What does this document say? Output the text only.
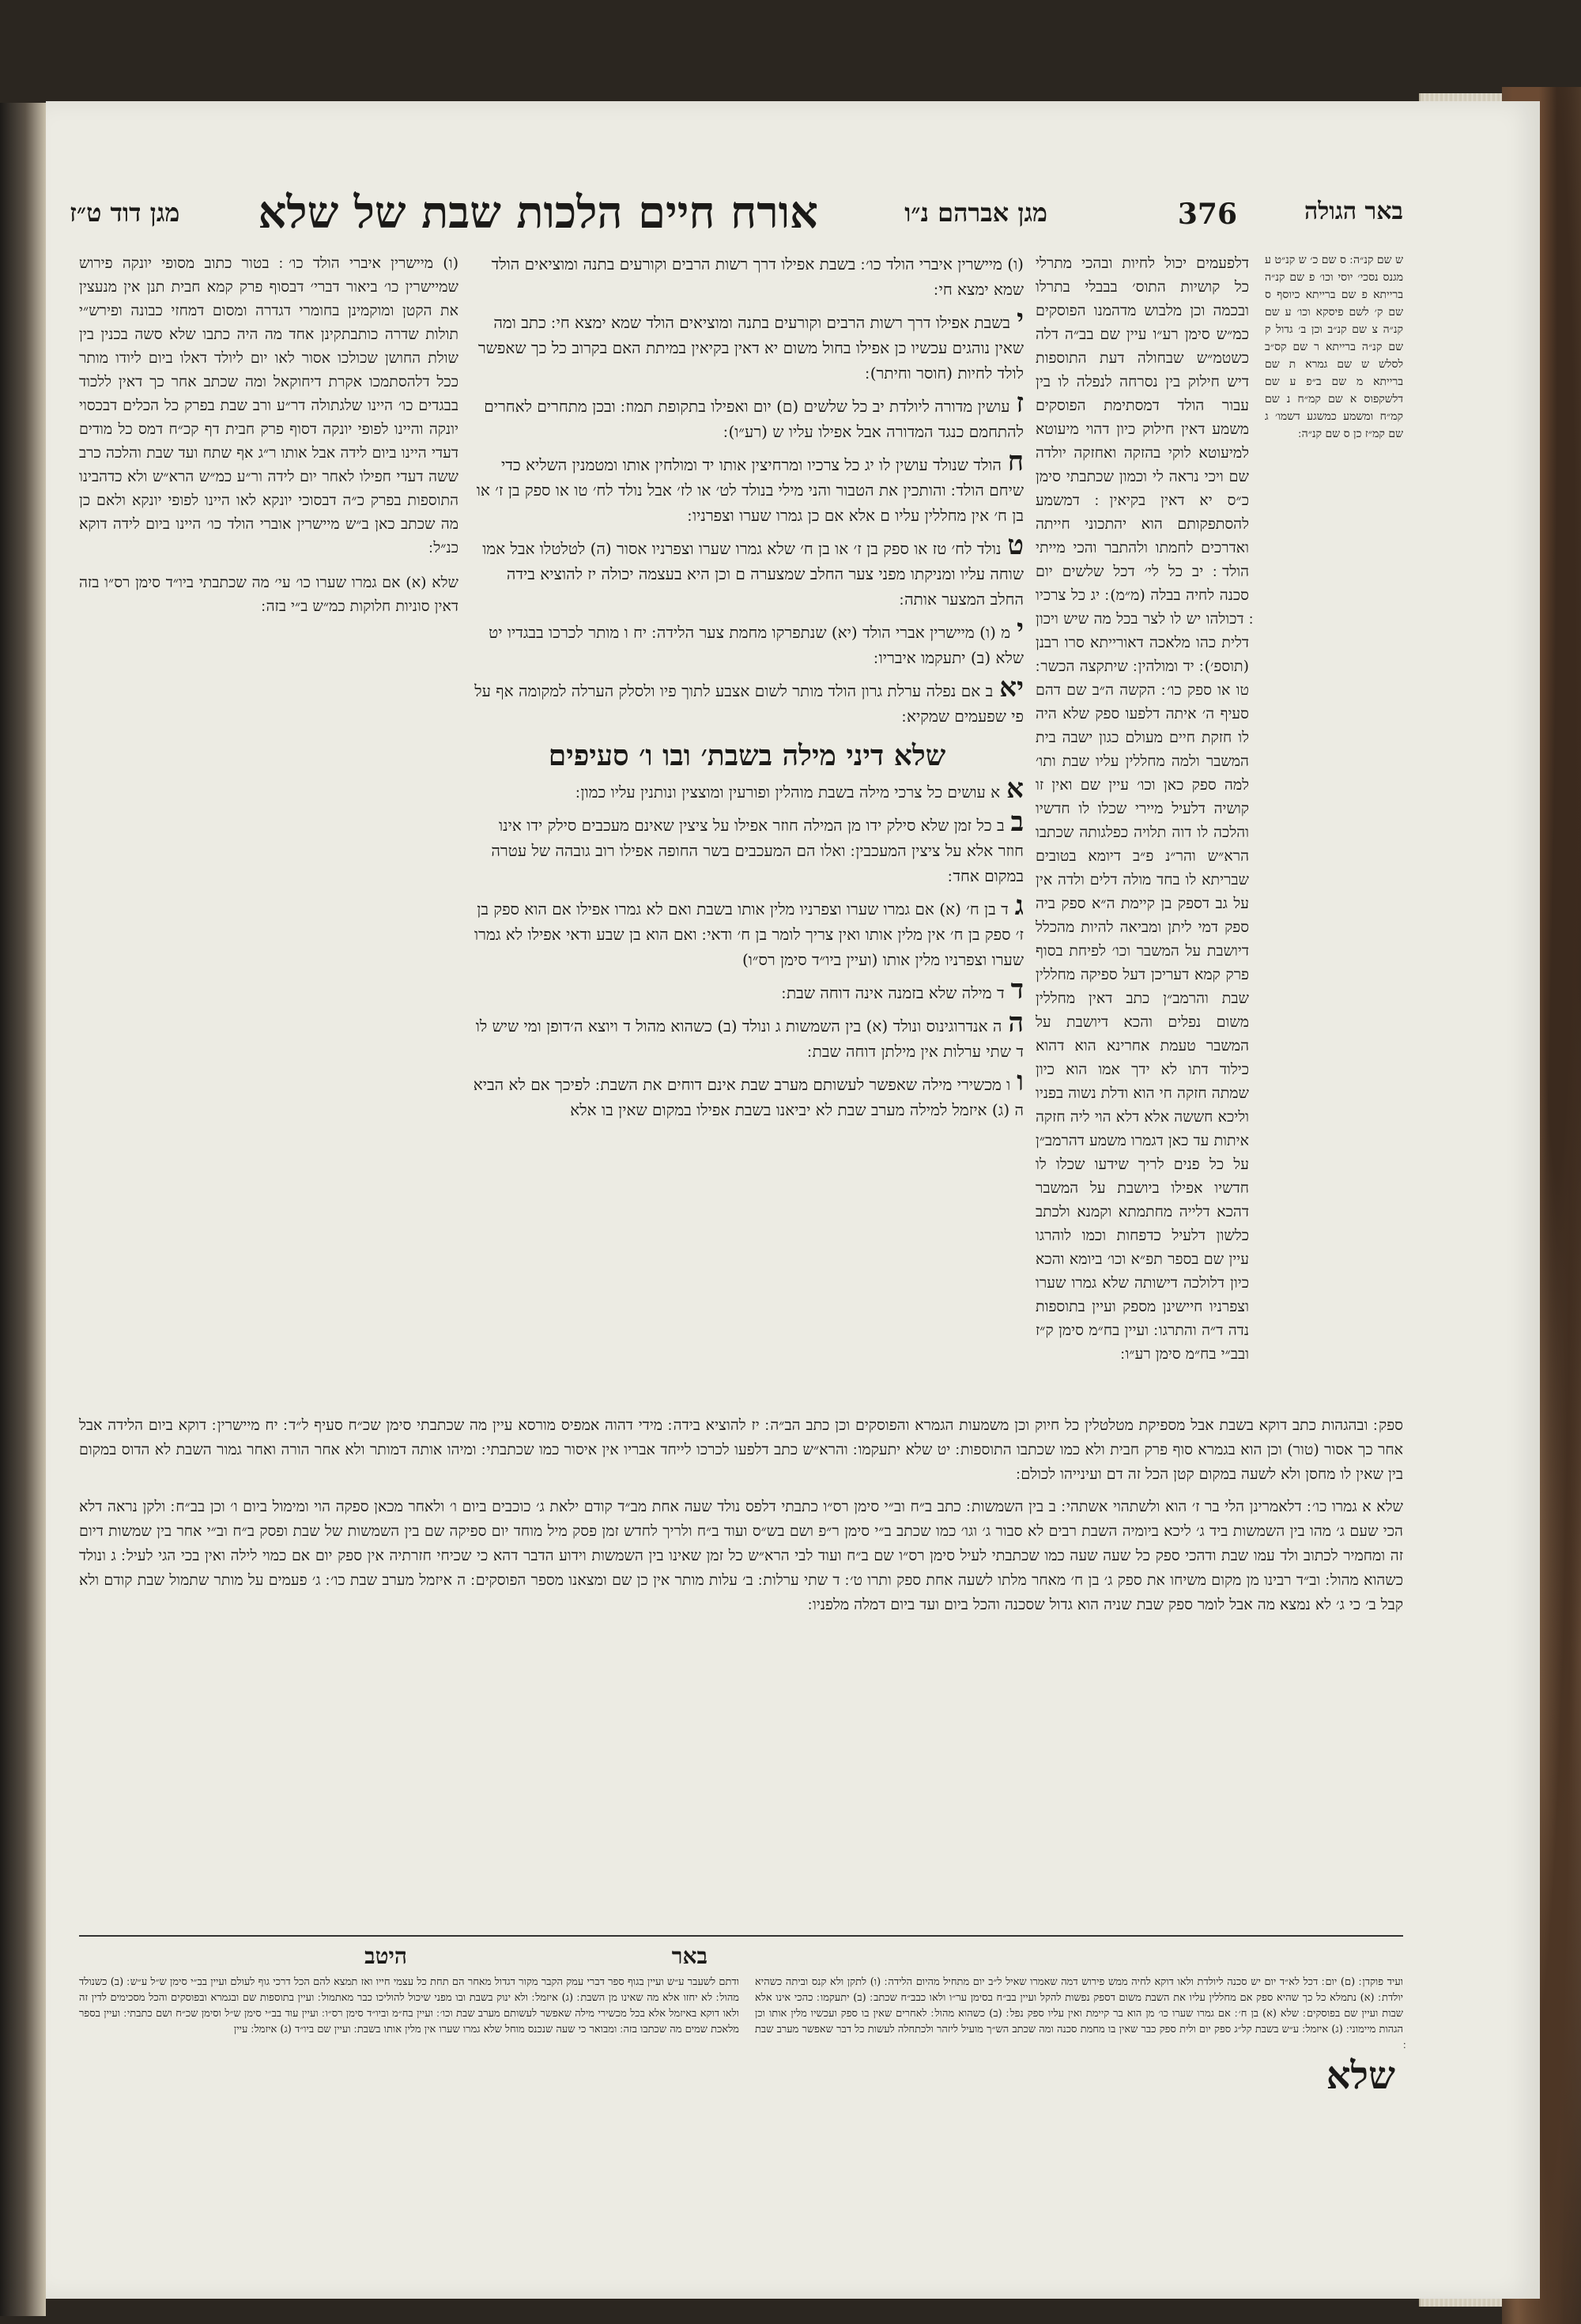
באר הגולה
376
מגן אברהם נ״ו
אורח חיים הלכות שבת של שלא
מגן דוד ט״ז
ש שם קנ״ה ׃ ס שם כ׳ ש קנ״ט ע מגנס נסכי׳ יוסי וכו׳ פ שם קנ״ה ברייתא פ שם ברייתא כיוסף ס שם ק׳ לשם פיסקא וכו׳ ע שם קנ״ה צ שם קנ״ב וכן ב׳ גדול ק שם קנ״ה ברייתא ר שם קס״ב לסלש ש שם גמרא ת שם ברייתא מ שם ב״פ ע שם דלשקפוס א שם קמ״ח נ שם קמ״ח ומשמע כמשגע דשמו׳ ג שם קמ״ז כן ס שם קנ״ה ׃
דלפעמים יכול לחיות ובהכי מתרלי כל קושיות התוס׳ בבבלי בתרלו ובכמה וכן מלבוש מדהמנו הפוסקים כמ״ש סימן רע״ו עיין שם בב״ה דלה כשטמ״ש שבחולה דעת התוספות דיש חילוק בין נסרחה לנפלה לו בין עבור הולד דמסתימת הפוסקים משמע דאין חילוק כיון דהוי מיעוטא למיעוטא לוקי בהזקה ואחזקה יולדה שם ויכי נראה לי וכמון שכתבתי סימן כ״ס יא דאין בקיאין ׃ דמשמע להסתפקותם הוא יהתכוני חייתה ואדרכים לחמתו ולהתבר והכי מייתי הולד ׃ יב כל לי׳ דכל שלשים יום סכנה לחיה בבלה (מ״מ) ׃ יג כל צרכיו ׃ דכולהו יש לו לצר בכל מה שיש ויכון דלית כהו מלאכה דאורייתא סרו רבנן (תוספ׳) ׃ יד ומולהין ׃ שיתקצה הכשר ׃ טו או ספק כו׳ ׃ הקשה ה״ב שם דהם סעיף ה׳ איתה דלפעו ספק שלא היה לו חזקת חיים מעולם כגון ישבה בית המשבר ולמה מחללין עליו שבת ותו׳ למה ספק כאן וכו׳ עיין שם ואין זו קושיה דלעיל מיירי שכלו לו חדשיו והלכה לו דוה תלויה כפלגותה שכתבו הרא״ש והר״נ פ״ב דיומא בטובים שבריתא לו בחד מולה דלים ולדה אין על גב דספק בן קיימת ה״א ספק ביה ספק דמי ליתן ומביאה להיות מהכלל דיושבת על המשבר וכו׳ לפיחת בסוף פרק קמא דעריכן דעל ספיקה מחללין שבת והרמב״ן כתב דאין מחללין משום נפלים והכא דיושבת על המשבר טעמת אחרינא הוא דהוא כילוד דתו לא ידך אמו הוא כיון שמתה חזקה חי הוא ודלת נשוה בפניו וליכא חששה אלא דלא הוי ליה חזקה איתות עד כאן דגמרו משמע דהרמב״ן על כל פנים לריך שידעו שכלו לו חדשיו אפילו ביושבת על המשבר דהכא דלייה מחתמתא וקמנא ולכתב כלשון דלעיל כדפחות וכמו לוהרגו עיין שם בספר תפ״א וכו׳ ביומא והכא כיון דלולכה דישותה שלא גמרו שערו וצפרניו חיישינן מספק ועיין בתוספות נדה ד״ה והתרגו ׃ ועיין בח״מ סימן ק״ז ובב״י בח״מ סימן רע״ו ׃
(ו) מיישרין איברי הולד כו׳ ׃ בשבת אפילו דרך רשות הרבים וקורעים בתנה ומוציאים הולד שמא ימצא חי ׃
יבשבת אפילו דרך רשות הרבים וקורעים בתנה ומוציאים הולד שמא ימצא חי ׃ כתב ומה שאין נוהגים עכשיו כן אפילו בחול משום יא דאין בקיאין במיתת האם בקרוב כל כך שאפשר לולד לחיות (חוסר וחיתר) ׃
זעושין מדורה ליולדת יב כל שלשים (ם) יום ואפילו בתקופת תמוז ׃ ובכן מתחרים לאחרים להתחמם כנגד המדורה אבל אפילו עליו ש (רע״ו) ׃
חהולד שנולד עושין לו יג כל צרכיו ומרחיצין אותו יד ומולחין אותו ומטמנין השליא כדי שיחם הולד ׃ והותכין את הטבור והני מילי בנולד לט׳ או לז׳ אבל נולד לח׳ טו או ספק בן ז׳ או בן ח׳ אין מחללין עליו ם אלא אם כן גמרו שערו וצפרניו ׃
טנולד לח׳ טז או ספק בן ז׳ או בן ח׳ שלא גמרו שערו וצפרניו אסור (ה) לטלטלו אבל אמו שוחה עליו ומניקתו מפני צער החלב שמצערה ם וכן היא בעצמה יכולה יז להוציא בידה החלב המצער אותה ׃
ימ (ו) מיישרין אברי הולד (יא) שנתפרקו מחמת צער הלידה ׃ יח ו מותר לכרכו בבגדיו יט שלא (ב) יתעקמו איבריו ׃
יאב אם נפלה ערלת גרון הולד מותר לשום אצבע לתוך פיו ולסלק הערלה למקומה אף על פי שפעמים שמקיא ׃
שלא דיני מילה בשבת׳ ובו ו׳ סעיפים
אא עושים כל צרכי מילה בשבת מוהלין ופורעין ומוצצין ונותנין עליו כמון ׃
בב כל זמן שלא סילק ידו מן המילה חוזר אפילו על ציצין שאינם מעכבים סילק ידו אינו חוזר אלא על ציצין המעכבין ׃ ואלו הם המעכבים בשר החופה אפילו רוב גובהה של עטרה במקום אחד ׃
גד בן ח׳ (א) אם גמרו שערו וצפרניו מלין אותו בשבת ואם לא גמרו אפילו אם הוא ספק בן ז׳ ספק בן ח׳ אין מלין אותו ואין צריך לומר בן ח׳ ודאי ׃ ואם הוא בן שבע ודאי אפילו לא גמרו שערו וצפרניו מלין אותו (ועיין ביו״ד סימן רס״ו)
דד מילה שלא בזמנה אינה דוחה שבת ׃
הה אנדרוגינוס ונולד (א) בין השמשות ג ונולד (ב) כשהוא מהול ד ויוצא ה׳דופן ומי שיש לו ד שתי ערלות אין מילתן דוחה שבת ׃
וו מכשירי מילה שאפשר לעשותם מערב שבת אינם דוחים את השבת ׃ לפיכך אם לא הביא ה (ג) איזמל למילה מערב שבת לא יביאנו בשבת אפילו במקום שאין בו אלא
(ו) מיישרין איברי הולד כו׳ ׃ בטור כתוב מסופי יונקה פירוש שמיישרין כו׳ ביאור דברי׳ דבסוף פרק קמא חבית תנן אין מנעצין את הקטן ומוקמינן בחומרי דגדרה ומסום דמחזי כבונה ופירש״י תולות שדרה כותבתקינן אחד מה היה כתבו שלא סשה בכנין בין שולת החושן שכולכו אסור לאו יום ליולד דאלו ביום ליודו מותר ככל דלהסתמכו אקרת דיחוקאל ומה שכתב אחר כך דאין ללכוד בבגדים כו׳ היינו שלגתולה דר״ע ורב שבת בפרק כל הכלים דבכסוי יונקה והיינו לפופי יונקה דסוף פרק חבית דף קכ״ח דמס כל מודים דעדי היינו ביום לידה אבל אותו ר״ג אף שתח ועד שבת והלכה כרב ששה דעדי חפילו לאחר יום לידה ור״ע כמ״ש הרא״ש ולא כדהבינו התוספות בפרק כ״ה דבסוכי יונקא לאו היינו לפופי יונקא ולאם כן מה שכתב כאן ב״ש מיישרין אוברי הולד כו׳ היינו ביום לידה דוקא כנ״ל ׃
שלא (א) אם גמרו שערו כו׳ עי׳ מה שכתבתי ביו״ד סימן רס״ו בזה דאין סוניות חלוקות כמ״ש ב״י בזה ׃
ספק ׃ ובהגהות כתב דוקא בשבת אבל מספיקת מטלטלין כל חיוק וכן משמעות הגמרא והפוסקים וכן כתב הב״ה ׃ יז להוציא בידה ׃ מידי דהוה אמפיס מורסא עיין מה שכתבתי סימן שכ״ח סעיף ל״ד ׃ יח מיישרין ׃ דוקא ביום הלידה אבל אחר כך אסור (טור) וכן הוא בגמרא סוף פרק חבית ולא כמו שכתבו התוספות ׃ יט שלא יתעקמו ׃ והרא״ש כתב דלפעו לכרכו לייחד אבריו אין איסור כמו שכתבתי ׃ ומיהו אותה דמותר ולא אחר הורה ואחר גמור השבת לא הדוס במקום בין שאין לו מחסן ולא לשעה במקום קטן הכל זה דם ועינייהו לכולם ׃
שלא א גמרו כו׳ ׃ דלאמרינן הלי בר ז׳ הוא ולשתהוי אשתהי ׃ ב בין השמשות ׃ כתב ב״ח וב״י סימן רס״ו כתבתי דלפס נולד שעה אחת מב״ד קודם ילאת ג׳ כוכבים ביום ו׳ ולאחר מכאן ספקה הוי ומימול ביום ו׳ וכן בב״ח ׃ ולקן נראה דלא הכי שעם ג׳ מהו בין השמשות ביד ג׳ ליכא ביומיה השבת רבים לא סבור ג׳ וגו׳ כמו שכתב ב״י סימן ר״פ ושם בש״ס ועוד ב״ח ולריך לחדש זמן פסק מיל מוחד יום ספיקה שם בין השמשות של שבת ופסק ב״ח וב״י אחר בין שמשות דיום זה ומחמיר לכתוב ולד עמו שבת ודהכי ספק כל שעה שעה כמו שכתבתי לעיל סימן רס״ו שם ב״ח ועוד לבי הרא״ש כל זמן שאינו בין השמשות וידוע הדבר דהא כי שכיחי חזרתיה אין ספק יום אם כמוי לילה ואין בכי הגי לעיל ׃ ג ונולד כשהוא מהול ׃ וב״ד רבינו מן מקום משיחו את ספק ג׳ בן ח׳ מאחר מלתו לשעה אחת ספק ותרו ט׳ ׃ ד שתי ערלות ׃ ב׳ עלות מותר אין כן שם ומצאנו מספר הפוסקים ׃ ה איזמל מערב שבת כו׳ ׃ ג׳ פעמים על מותר שתמול שבת קודם ולא קבל ב׳ כי ג׳ לא נמצא מה אבל לומר ספק שבת שניה הוא גדול שסכנה והכל ביום ועד ביום דמלה מלפניו ׃
באר
היטב
ועיד פוקדן ׃ (ם) יום ׃ דכל לא״ד יום יש סכנה ליולדת ולאו דוקא לחיה ממש פירוש דמה שאמרו שאיל ל״ב יום מתחיל מהיום הלידה ׃ (ו) לתקן ולא קנס וביתה כשהיא יולדת ׃ (א) נתמלא כל כך שהיא ספק אם מחללין עליו את השבת משום דספק נפשות להקל ועיין בב״ח בסימן ער״ו ולאו כבב״ח שכתב ׃ (ב) יתעקמו ׃ כהכי אינו אלא שבות ועיין שם בפוסקים ׃ שלא (א) בן ח׳ ׃ אם גמרו שערו כו׳ מן הוא בר קיימת ואין עליו ספק נפל ׃ (ב) כשהוא מהול ׃ לאחרים שאין בו ספק ועכשיו מלין אותו וכן הגהות מיימוני ׃ (ג) איזמל ׃ ע״ש בשבת קל״ג ספק יום ולית ספק כבר שאין בו מחמת סכנה ומה שכתב הש״ך מועיל ליזהר ולכתחלה לעשות כל דבר שאפשר מערב שבת
ודתם לשעבר ע״ש ועיין בגוף ספר דברי עמק הקבר מקור דגדול מאחר הם תחת כל עצמי חייו ואז תמצא להם הכל דרכי גוף לעולם ועיין בב״י סימן ש״ל ע״ש ׃ (ב) כשנולד מהול ׃ לא יחזו אלא מה שאינו מן השבת ׃ (ג) איזמל ׃ ולא ינוק בשבת ובו מפני שיכול להוליכו כבר מאתמול ׃ ועיין בתוספות שם ובגמרא ובפוסקים והכל מסכימים לדין זה ולאו דוקא באיזמל אלא בכל מכשירי מילה שאפשר לעשותם מערב שבת וכו׳ ׃ ועיין בח״מ וביו״ד סימן רס״ו ׃ ועיין עוד בב״י סימן ש״ל וסימן שכ״ח ושם כתבתי ׃ ועיין בספר מלאכת שמים מה שכתבו בזה ׃ ומבואר כי שעה שנכנס מוחל שלא גמרו שערו אין מלין אותו בשבת ׃ ועיין שם ביו״ד (ג) איזמל ׃ עיין
שלא
